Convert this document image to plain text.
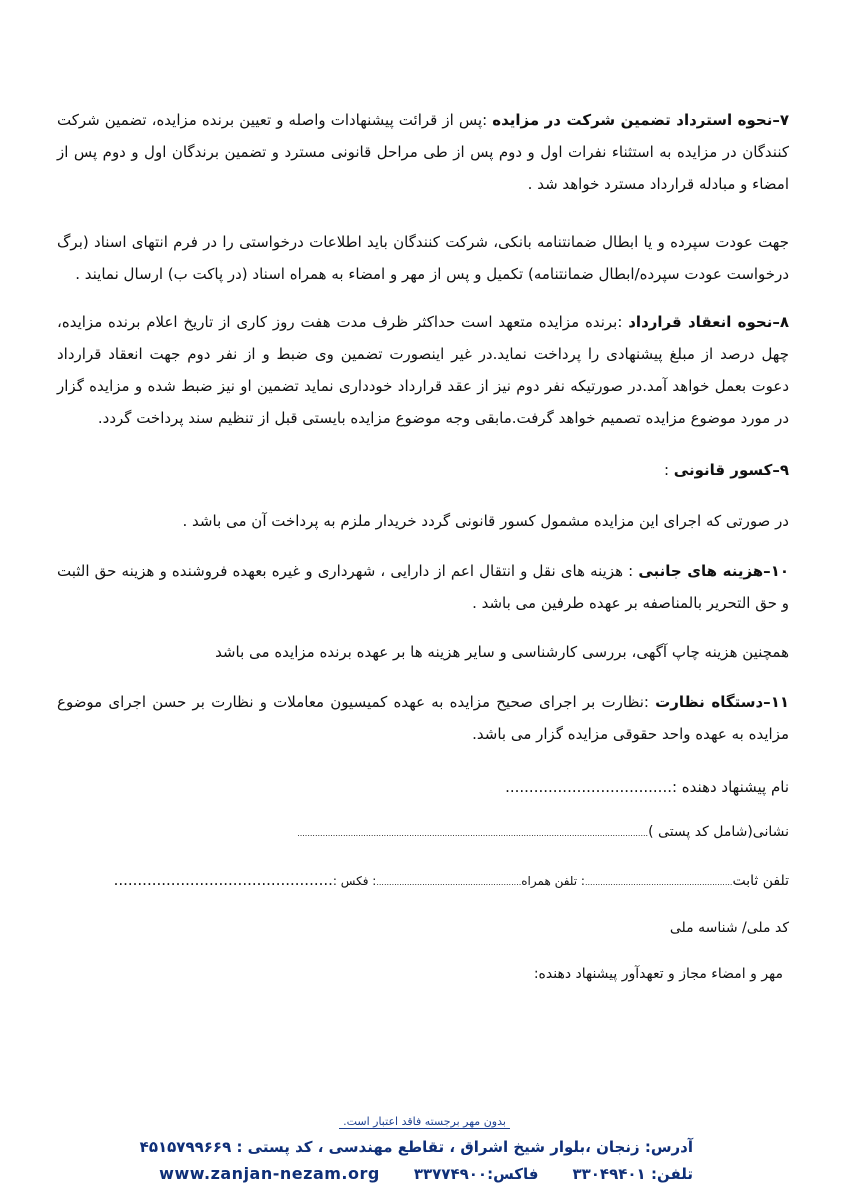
۷–نحوه استرداد تضمین شرکت در مزایده :پس از قرائت پیشنهادات واصله و تعیین برنده مزایده، تضمین شرکت کنندگان در مزایده به استثناء نفرات اول و دوم پس از طی مراحل قانونی مسترد و تضمین برندگان اول و دوم پس از امضاء و مبادله قرارداد مسترد خواهد شد .
جهت عودت سپرده و یا ابطال ضمانتنامه بانکی، شرکت کنندگان باید اطلاعات درخواستی را در فرم انتهای اسناد (برگ درخواست عودت سپرده/ابطال ضمانتنامه) تکمیل و پس از مهر و امضاء به همراه اسناد (در پاکت ب) ارسال نمایند .
۸–نحوه انعقاد قرارداد :برنده مزایده متعهد است حداکثر ظرف مدت هفت روز کاری از تاریخ اعلام برنده مزایده، چهل درصد از مبلغ پیشنهادی را پرداخت نماید.در غیر اینصورت تضمین وی ضبط و از نفر دوم جهت انعقاد قرارداد دعوت بعمل خواهد آمد.در صورتیکه نفر دوم نیز از عقد قرارداد خودداری نماید تضمین او نیز ضبط شده و مزایده گزار در مورد موضوع مزایده تصمیم خواهد گرفت.مابقی وجه موضوع مزایده بایستی قبل از تنظیم سند پرداخت گردد.
۹–کسور قانونی :
در صورتی که اجرای این مزایده مشمول کسور قانونی گردد خریدار ملزم به پرداخت آن می باشد .
۱۰–هزینه های جانبی : هزینه های نقل و انتقال اعم از دارایی ، شهرداری و غیره بعهده فروشنده و هزینه حق الثبت و حق التحریر بالمناصفه بر عهده طرفین می باشد .
همچنین هزینه چاپ آگهی، بررسی کارشناسی و سایر هزینه ها بر عهده برنده مزایده می باشد
۱۱–دستگاه نظارت :نظارت بر اجرای صحیح مزایده به عهده کمیسیون معاملات و نظارت بر حسن اجرای موضوع مزایده به عهده واحد حقوقی مزایده گزار می باشد.
نام پیشنهاد دهنده :...................................
نشانی(شامل کد پستی )..........................................................................................................................................
تلفن ثابت..........................................................: تلفن همراه.........................................................: فکس :..............................................
کد ملی/ شناسه ملی
مهر و امضاء مجاز و تعهدآور پیشنهاد دهنده:
بدون مهر برجسته فاقد اعتبار است.
آدرس: زنجان ،بلوار شیخ اشراق ، تقاطع مهندسی ، کد پستی : ۴۵۱۵۷۹۹۶۶۹
تلفن: ۳۳۰۴۹۴۰۱فاکس:۳۳۷۷۴۹۰۰www.zanjan-nezam.org
